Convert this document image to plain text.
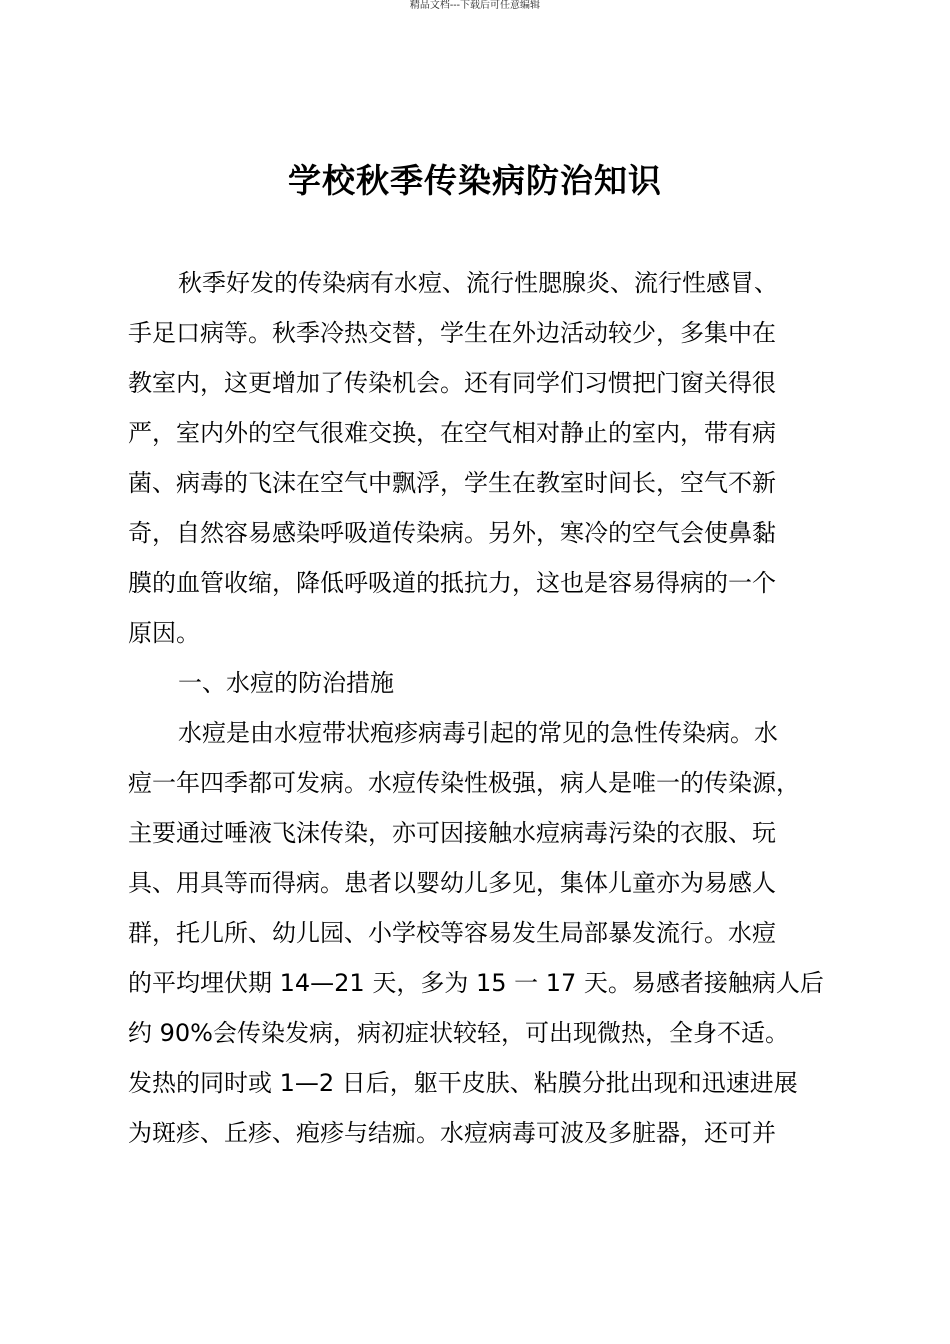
精品文档---下载后可任意编辑
学校秋季传染病防治知识
秋季好发的传染病有水痘、流行性腮腺炎、流行性感冒、
手足口病等。秋季冷热交替，学生在外边活动较少，多集中在
教室内，这更增加了传染机会。还有同学们习惯把门窗关得很
严，室内外的空气很难交换，在空气相对静止的室内，带有病
菌、病毒的飞沫在空气中飘浮，学生在教室时间长，空气不新
奇，自然容易感染呼吸道传染病。另外，寒冷的空气会使鼻黏
膜的血管收缩，降低呼吸道的抵抗力，这也是容易得病的一个
原因。
一、水痘的防治措施
水痘是由水痘带状疱疹病毒引起的常见的急性传染病。水
痘一年四季都可发病。水痘传染性极强，病人是唯一的传染源，
主要通过唾液飞沫传染，亦可因接触水痘病毒污染的衣服、玩
具、用具等而得病。患者以婴幼儿多见，集体儿童亦为易感人
群，托儿所、幼儿园、小学校等容易发生局部暴发流行。水痘
的平均埋伏期 14—21 天，多为 15 一 17 天。易感者接触病人后
约 90%会传染发病，病初症状较轻，可出现微热，全身不适。
发热的同时或 1—2 日后，躯干皮肤、粘膜分批出现和迅速进展
为斑疹、丘疹、疱疹与结痂。水痘病毒可波及多脏器，还可并
